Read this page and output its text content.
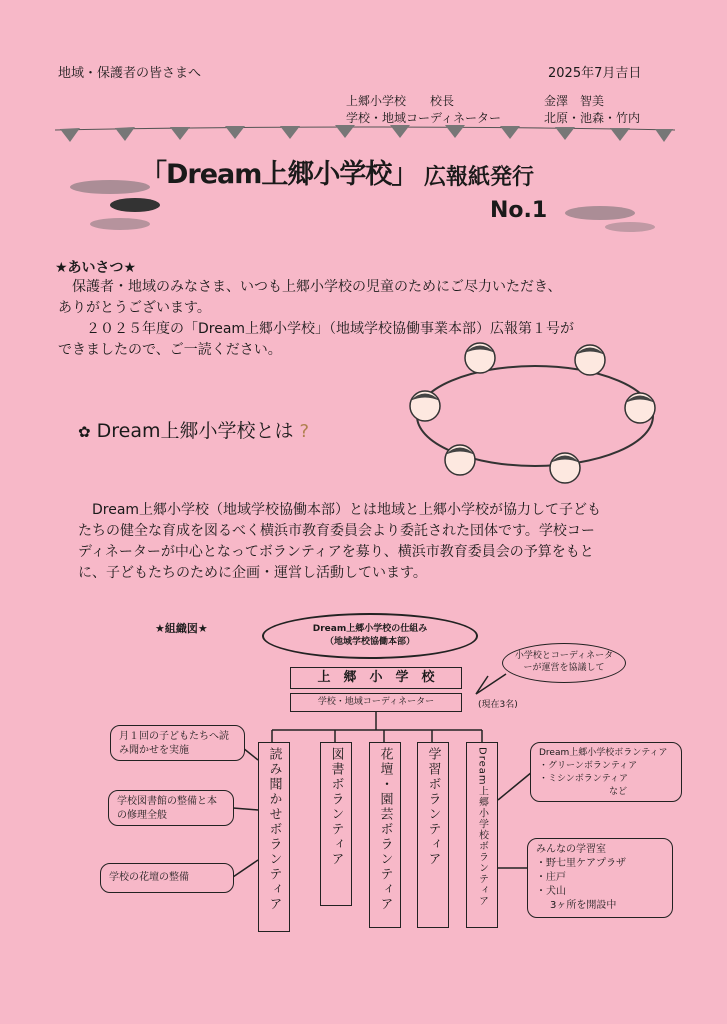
地域・保護者の皆さまへ	2025年7月吉日
上郷小学校　　校長	金澤　智美
学校・地域コーディネーター	北原・池森・竹内
「Dream上郷小学校」 広報紙発行
No.1
★あいさつ★
保護者・地域のみなさま、いつも上郷小学校の児童のためにご尽力いただき、
ありがとうございます。
２０２５年度の「Dream上郷小学校」（地域学校協働事業本部）広報第１号が
できましたので、ご一読ください。
✿ Dream上郷小学校とは ?
Dream上郷小学校（地域学校協働本部）とは地域と上郷小学校が協力して子ども
たちの健全な育成を図るべく横浜市教育委員会より委託された団体です。学校コー
ディネーターが中心となってボランティアを募り、横浜市教育委員会の予算をもと
に、子どもたちのために企画・運営し活動しています。
★組織図★	Dream上郷小学校の仕組み
（地域学校協働本部）
上　郷　小　学　校
学校・地域コーディネーター	(現在3名)
小学校とコーディネーターが運営を協議して
読み聞かせボランティア	図書ボランティア	花壇・園芸ボランティア	学習ボランティア	Dream上郷小学校ボランティア
月１回の子どもたちへ読み聞かせを実施
学校図書館の整備と本の修理全般
学校の花壇の整備
Dream上郷小学校ボランティア
・グリーンボランティア
・ミシンボランティア
など
みんなの学習室
・野七里ケアプラザ
・庄戸
・犬山
3ヶ所を開設中
